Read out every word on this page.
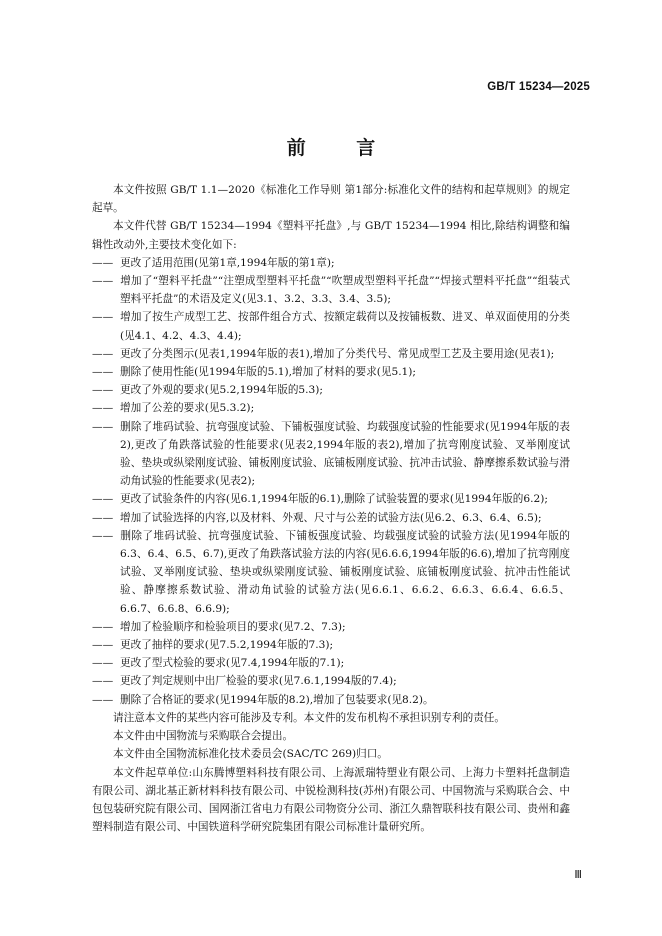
GB/T 15234—2025
前 言

本文件按照 GB/T 1.1—2020《标准化工作导则 第1部分:标准化文件的结构和起草规则》的规定起草。

本文件代替 GB/T 15234—1994《塑料平托盘》,与 GB/T 15234—1994 相比,除结构调整和编辑性改动外,主要技术变化如下:

—— 更改了适用范围(见第1章,1994年版的第1章);

—— 增加了“塑料平托盘”“注塑成型塑料平托盘”“吹塑成型塑料平托盘”“焊接式塑料平托盘”“组装式塑料平托盘”的术语及定义(见3.1、3.2、3.3、3.4、3.5);

—— 增加了按生产成型工艺、按部件组合方式、按额定载荷以及按铺板数、进叉、单双面使用的分类(见4.1、4.2、4.3、4.4);

—— 更改了分类图示(见表1,1994年版的表1),增加了分类代号、常见成型工艺及主要用途(见表1);

—— 删除了使用性能(见1994年版的5.1),增加了材料的要求(见5.1);

—— 更改了外观的要求(见5.2,1994年版的5.3);

—— 增加了公差的要求(见5.3.2);

—— 删除了堆码试验、抗弯强度试验、下铺板强度试验、均载强度试验的性能要求(见1994年版的表2),更改了角跌落试验的性能要求(见表2,1994年版的表2),增加了抗弯刚度试验、叉举刚度试验、垫块或纵梁刚度试验、铺板刚度试验、底铺板刚度试验、抗冲击试验、静摩擦系数试验与滑动角试验的性能要求(见表2);

—— 更改了试验条件的内容(见6.1,1994年版的6.1),删除了试验装置的要求(见1994年版的6.2);

—— 增加了试验选择的内容,以及材料、外观、尺寸与公差的试验方法(见6.2、6.3、6.4、6.5);

—— 删除了堆码试验、抗弯强度试验、下铺板强度试验、均载强度试验的试验方法(见1994年版的6.3、6.4、6.5、6.7),更改了角跌落试验方法的内容(见6.6.6,1994年版的6.6),增加了抗弯刚度试验、叉举刚度试验、垫块或纵梁刚度试验、铺板刚度试验、底铺板刚度试验、抗冲击性能试验、静摩擦系数试验、滑动角试验的试验方法(见6.6.1、6.6.2、6.6.3、6.6.4、6.6.5、6.6.7、6.6.8、6.6.9);

—— 增加了检验顺序和检验项目的要求(见7.2、7.3);

—— 更改了抽样的要求(见7.5.2,1994年版的7.3);

—— 更改了型式检验的要求(见7.4,1994年版的7.1);

—— 更改了判定规则中出厂检验的要求(见7.6.1,1994版的7.4);

—— 删除了合格证的要求(见1994年版的8.2),增加了包装要求(见8.2)。

请注意本文件的某些内容可能涉及专利。本文件的发布机构不承担识别专利的责任。

本文件由中国物流与采购联合会提出。

本文件由全国物流标准化技术委员会(SAC/TC 269)归口。

本文件起草单位:山东腾博塑料科技有限公司、上海派瑞特塑业有限公司、上海力卡塑料托盘制造有限公司、湖北基正新材料科技有限公司、中锐检测科技(苏州)有限公司、中国物流与采购联合会、中包包装研究院有限公司、国网浙江省电力有限公司物资分公司、浙江久鼎智联科技有限公司、贵州和鑫塑料制造有限公司、中国铁道科学研究院集团有限公司标准计量研究所。

Ⅲ
